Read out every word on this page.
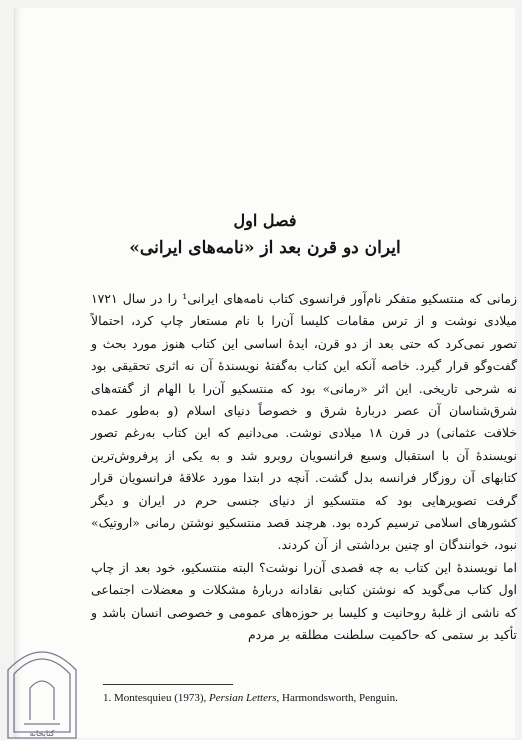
فصل اول
ایران دو قرن بعد از «نامه‌های ایرانی»

زمانی که منتسکیو متفکر نام‌آور فرانسوی کتاب نامه‌های ایرانی¹ را در سال ۱۷۲۱ میلادی نوشت و از ترس مقامات کلیسا آن‌را با نام مستعار چاپ کرد، احتمالاً تصور نمی‌کرد که حتی بعد از دو قرن، ایدهٔ اساسی این کتاب هنوز مورد بحث و گفت‌وگو قرار گیرد. خاصه آنکه این کتاب به‌گفتهٔ نویسندهٔ آن نه اثری تحقیقی بود نه شرحی تاریخی. این اثر «رمانی» بود که منتسکیو آن‌را با الهام از گفته‌های شرق‌شناسان آن عصر دربارهٔ شرق و خصوصاً دنیای اسلام (و به‌طور عمده خلافت عثمانی) در قرن ۱۸ میلادی نوشت. می‌دانیم که این کتاب به‌رغم تصور نویسندهٔ آن با استقبال وسیع فرانسویان روبرو شد و به یکی از پرفروش‌ترین کتابهای آن روزگار فرانسه بدل گشت. آنچه در ابتدا مورد علاقهٔ فرانسویان قرار گرفت تصویرهایی بود که منتسکیو از دنیای جنسی حرم در ایران و دیگر کشورهای اسلامی ترسیم کرده بود. هرچند قصد منتسکیو نوشتن رمانی «اروتیک» نبود، خوانندگان او چنین برداشتی از آن کردند.

اما نویسندهٔ این کتاب به چه قصدی آن‌را نوشت؟ البته منتسکیو، خود بعد از چاپ اول کتاب می‌گوید که نوشتن کتابی نقادانه دربارهٔ مشکلات و معضلات اجتماعی که ناشی از غلبهٔ روحانیت و کلیسا بر حوزه‌های عمومی و خصوصی انسان باشد و تأکید بر ستمی که حاکمیت سلطنت مطلقه بر مردم

1. Montesquieu (1973), Persian Letters, Harmondsworth, Penguin.
کتابخانه
